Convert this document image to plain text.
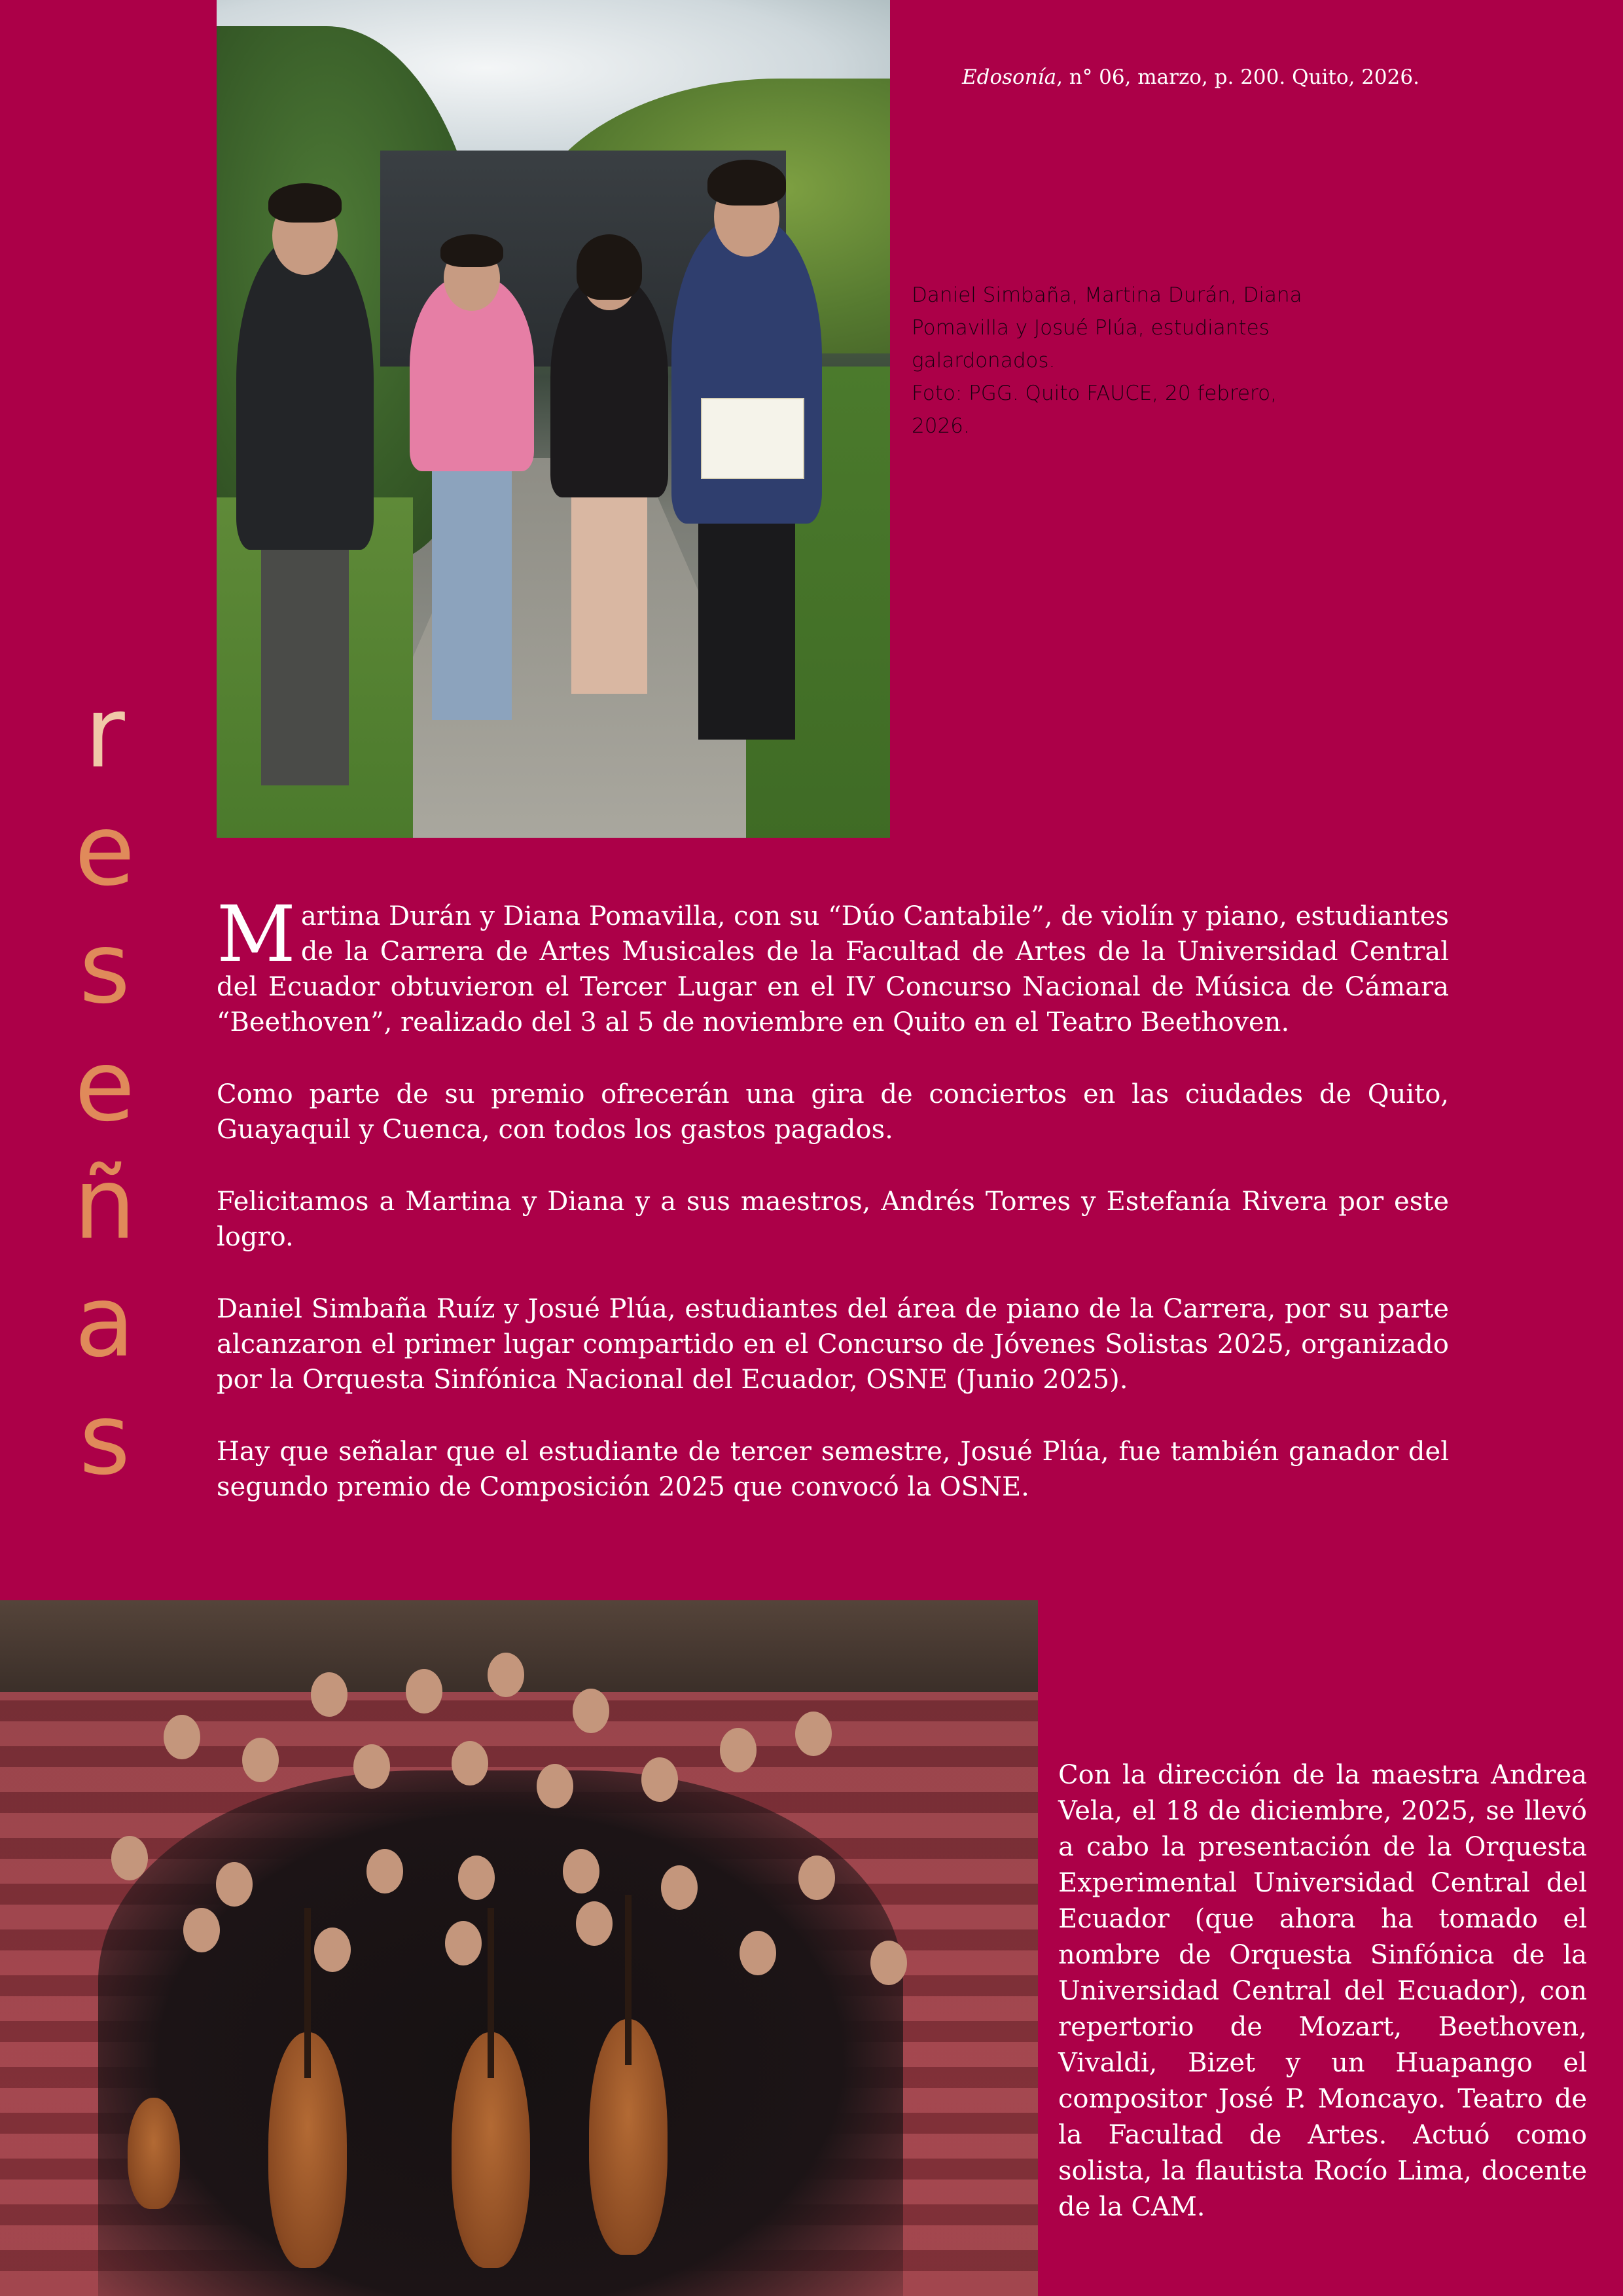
Edosonía, n° 06, marzo, p. 200. Quito, 2026.
Daniel Simbaña, Martina Durán, Diana
Pomavilla y Josué Plúa, estudiantes
galardonados.
Foto: PGG. Quito FAUCE, 20 febrero,
2026.
r
e
s
e
ñ
a
s

Martina Durán y Diana Pomavilla, con su “Dúo Cantabile”, de violín y piano, estudiantes de la Carrera de Artes Musicales de la Facultad de Artes de la Universidad Central del Ecuador obtuvieron el Tercer Lugar en el IV Concurso Nacional de Música de Cámara “Beethoven”, realizado del 3 al 5 de noviembre en Quito en el Teatro Beethoven.

Como parte de su premio ofrecerán una gira de conciertos en las ciudades de Quito, Guayaquil y Cuenca, con todos los gastos pagados.

Felicitamos a Martina y Diana y a sus maestros, Andrés Torres y Estefanía Rivera por este logro.

Daniel Simbaña Ruíz y Josué Plúa, estudiantes del área de piano de la Carrera, por su parte alcanzaron el primer lugar compartido en el Concurso de Jóvenes Solistas 2025, organizado por la Orquesta Sinfónica Nacional del Ecuador, OSNE (Junio 2025).

Hay que señalar que el estudiante de tercer semestre, Josué Plúa, fue también ganador del segundo premio de Composición 2025 que convocó la OSNE.

Con la dirección de la maestra Andrea Vela, el 18 de diciembre, 2025, se llevó a cabo la presentación de la Orquesta Experimental Universidad Central del Ecuador (que ahora ha tomado el nombre de Orquesta Sinfónica de la Universidad Central del Ecuador), con repertorio de Mozart, Beethoven, Vivaldi, Bizet y un Huapango el compositor José P. Moncayo. Teatro de la Facultad de Artes. Actuó como solista, la flautista Rocío Lima, docente de la CAM.
